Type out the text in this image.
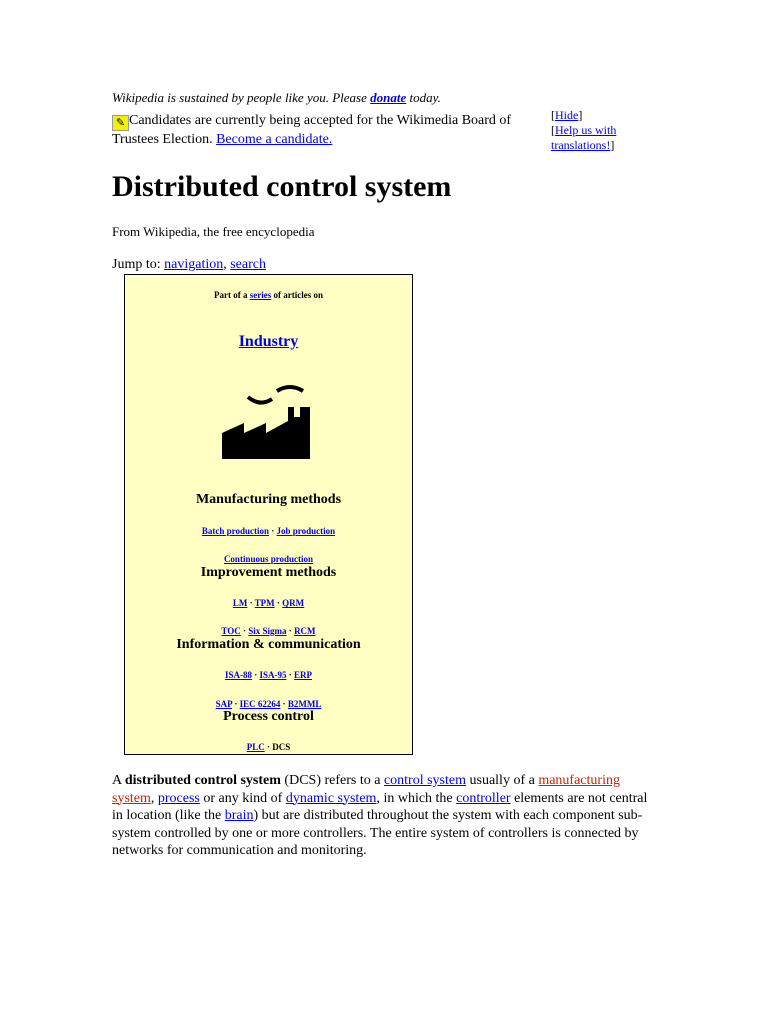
Wikipedia is sustained by people like you. Please donate today.
✎ Candidates are currently being accepted for the Wikimedia Board of Trustees Election. Become a candidate.
[Hide]
[Help us with translations!]
Distributed control system
From Wikipedia, the free encyclopedia
Jump to: navigation, search
Part of a series of articles on
Industry
Manufacturing methods
Batch production · Job production
Continuous production
Improvement methods
LM · TPM · QRM
TOC · Six Sigma · RCM
Information & communication
ISA-88 · ISA-95 · ERP
SAP · IEC 62264 · B2MML
Process control
PLC · DCS
A distributed control system (DCS) refers to a control system usually of a manufacturing system, process or any kind of dynamic system, in which the controller elements are not central in location (like the brain) but are distributed throughout the system with each component sub-system controlled by one or more controllers. The entire system of controllers is connected by networks for communication and monitoring.
